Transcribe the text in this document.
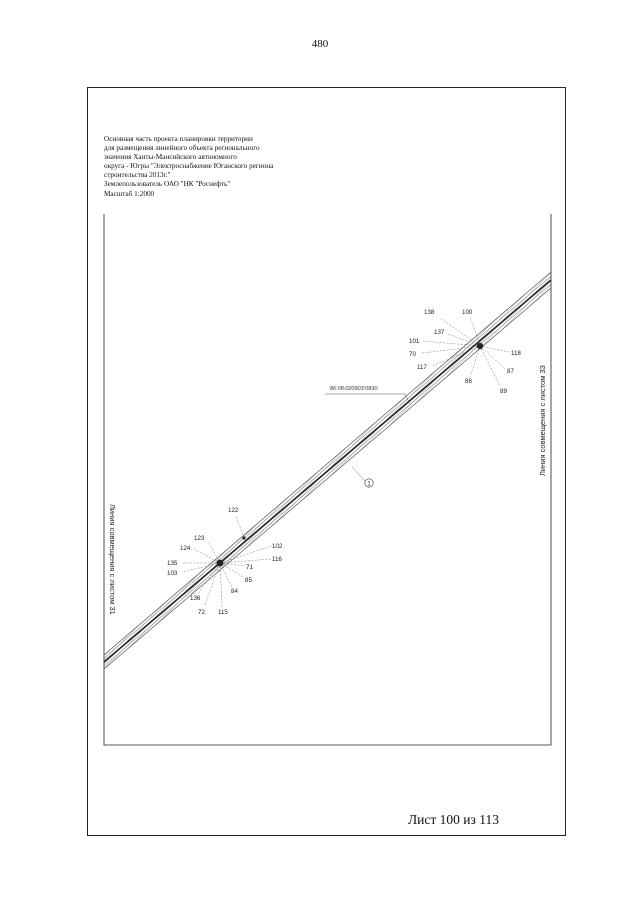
480
Основная часть проекта планировки территории
для размещения линейного объекта регионального
значения Ханты-Мансийского автономного
округа - Югры "Электроснабжение Юганского региона
строительства 2013г."
Землепользователь ОАО "НК "Роснефть"
Масштаб 1:2000
86:08:020903:0830
1
138	100
137
101
70
117
86
118
87
89
122
123
124
135
103
136
72 115
84
85
71
116
102
Линия совмещения с листом 31
Линия совмещения с листом 33
Лист 100 из 113
